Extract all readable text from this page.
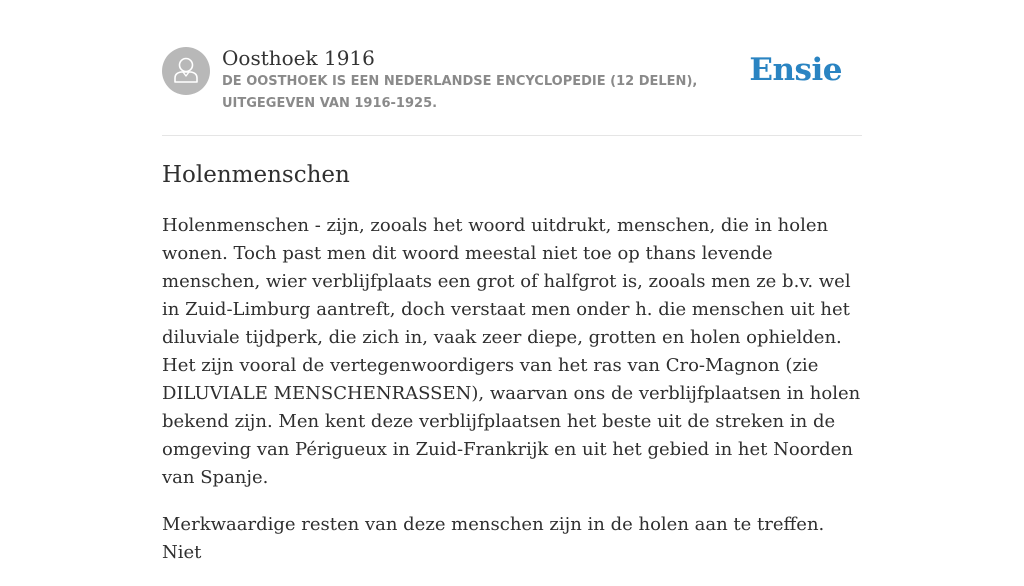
Oosthoek 1916
DE OOSTHOEK IS EEN NEDERLANDSE ENCYCLOPEDIE (12 DELEN), UITGEGEVEN VAN 1916-1925.
Ensie
Holenmenschen

Holenmenschen - zijn, zooals het woord uitdrukt, menschen, die in holen wonen. Toch past men dit woord meestal niet toe op thans levende menschen, wier verblijfplaats een grot of halfgrot is, zooals men ze b.v. wel in Zuid-Limburg aantreft, doch verstaat men onder h. die menschen uit het diluviale tijdperk, die zich in, vaak zeer diepe, grotten en holen ophielden. Het zijn vooral de vertegenwoordigers van het ras van Cro-Magnon (zie DILUVIALE MENSCHENRASSEN), waarvan ons de verblijfplaatsen in holen bekend zijn. Men kent deze verblijfplaatsen het beste uit de streken in de omgeving van Périgueux in Zuid-Frankrijk en uit het gebied in het Noorden van Spanje.

Merkwaardige resten van deze menschen zijn in de holen aan te treffen. Niet
